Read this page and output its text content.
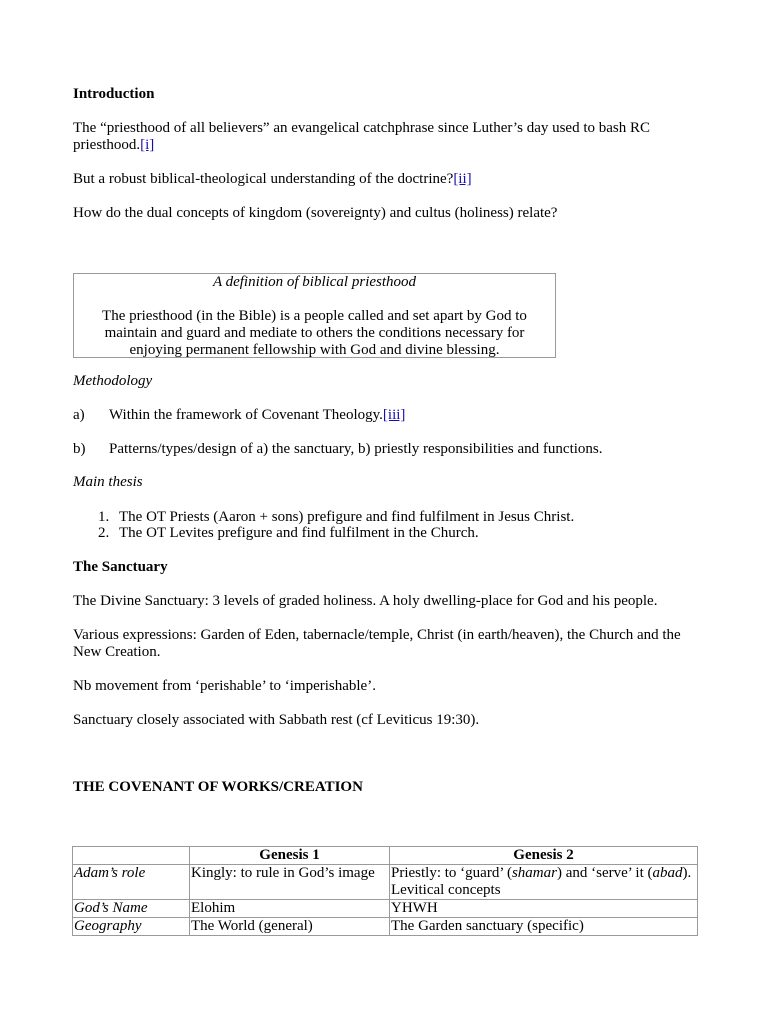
Introduction

The “priesthood of all believers” an evangelical catchphrase since Luther’s day used to bash RC priesthood.[i]

But a robust biblical-theological understanding of the doctrine?[ii]

How do the dual concepts of kingdom (sovereignty) and cultus (holiness) relate?

A definition of biblical priesthood
The priesthood (in the Bible) is a people called and set apart by God to maintain and guard and mediate to others the conditions necessary for enjoying permanent fellowship with God and divine blessing.

Methodology

a) Within the framework of Covenant Theology.[iii]

b) Patterns/types/design of a) the sanctuary, b) priestly responsibilities and functions.

Main thesis

1. The OT Priests (Aaron + sons) prefigure and find fulfilment in Jesus Christ.

2. The OT Levites prefigure and find fulfilment in the Church.

The Sanctuary

The Divine Sanctuary: 3 levels of graded holiness. A holy dwelling-place for God and his people.

Various expressions: Garden of Eden, tabernacle/temple, Christ (in earth/heaven), the Church and the New Creation.

Nb movement from ‘perishable’ to ‘imperishable’.

Sanctuary closely associated with Sabbath rest (cf Leviticus 19:30).

THE COVENANT OF WORKS/CREATION

	Genesis 1	Genesis 2
Adam’s role	Kingly: to rule in God’s image	Priestly: to ‘guard’ (shamar) and ‘serve’ it (abad). Levitical concepts
God’s Name	Elohim	YHWH
Geography	The World (general)	The Garden sanctuary (specific)
